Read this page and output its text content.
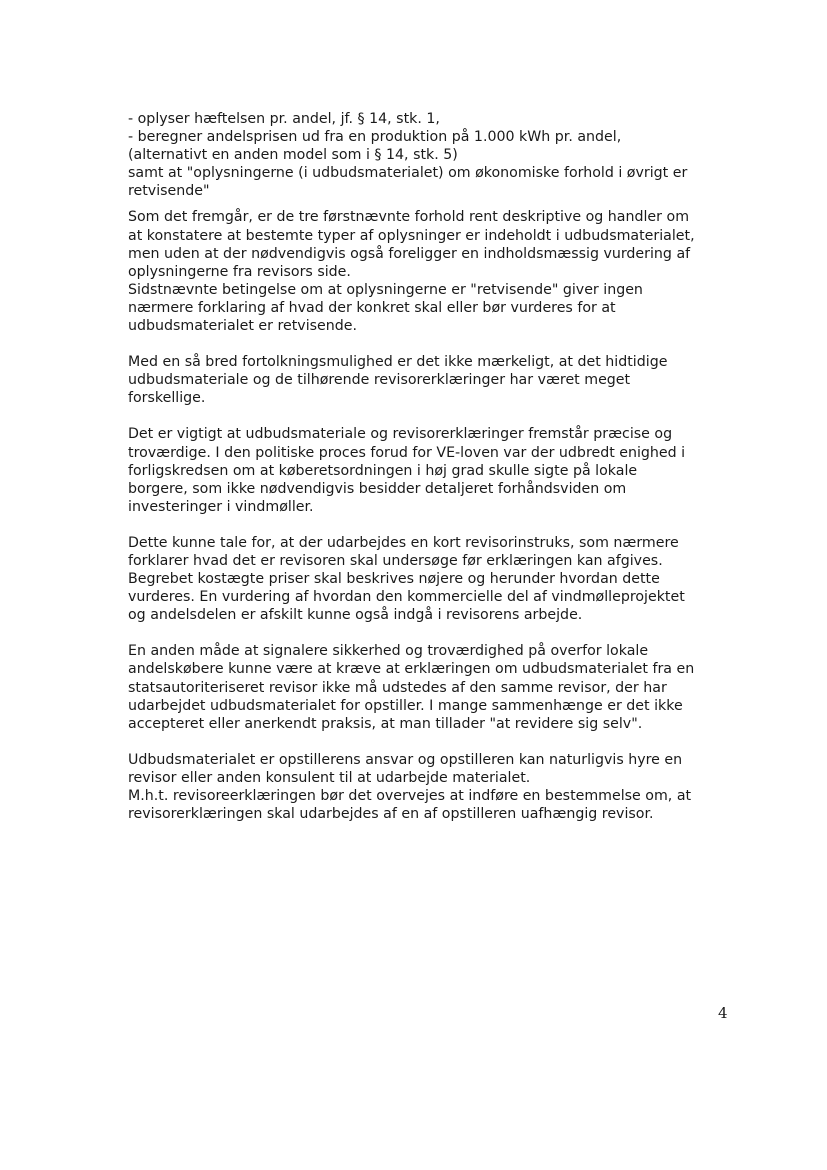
- oplyser hæftelsen pr. andel, jf. § 14, stk. 1,
- beregner andelsprisen ud fra en produktion på 1.000 kWh pr. andel,
(alternativt en anden model som i § 14, stk. 5)
samt at "oplysningerne (i udbudsmaterialet) om økonomiske forhold i øvrigt er
retvisende"
Som det fremgår, er de tre førstnævnte forhold rent deskriptive og handler om
at konstatere at bestemte typer af oplysninger er indeholdt i udbudsmaterialet,
men uden at der nødvendigvis også foreligger en indholdsmæssig vurdering af
oplysningerne fra revisors side.
Sidstnævnte betingelse om at oplysningerne er "retvisende" giver ingen
nærmere forklaring af hvad der konkret skal eller bør vurderes for at
udbudsmaterialet er retvisende.
Med en så bred fortolkningsmulighed er det ikke mærkeligt, at det hidtidige
udbudsmateriale og de tilhørende revisorerklæringer har været meget
forskellige.
Det er vigtigt at udbudsmateriale og revisorerklæringer fremstår præcise og
troværdige. I den politiske proces forud for VE-loven var der udbredt enighed i
forligskredsen om at køberetsordningen i høj grad skulle sigte på lokale
borgere, som ikke nødvendigvis besidder detaljeret forhåndsviden om
investeringer i vindmøller.
Dette kunne tale for, at der udarbejdes en kort revisorinstruks, som nærmere
forklarer hvad det er revisoren skal undersøge før erklæringen kan afgives.
Begrebet kostægte priser skal beskrives nøjere og herunder hvordan dette
vurderes. En vurdering af hvordan den kommercielle del af vindmølleprojektet
og andelsdelen er afskilt kunne også indgå i revisorens arbejde.
En anden måde at signalere sikkerhed og troværdighed på overfor lokale
andelskøbere kunne være at kræve at erklæringen om udbudsmaterialet fra en
statsautoriteriseret revisor ikke må udstedes af den samme revisor, der har
udarbejdet udbudsmaterialet for opstiller. I mange sammenhænge er det ikke
accepteret eller anerkendt praksis, at man tillader "at revidere sig selv".
Udbudsmaterialet er opstillerens ansvar og opstilleren kan naturligvis hyre en
revisor eller anden konsulent til at udarbejde materialet.
M.h.t. revisoreerklæringen bør det overvejes at indføre en bestemmelse om, at
revisorerklæringen skal udarbejdes af en af opstilleren uafhængig revisor.
4
